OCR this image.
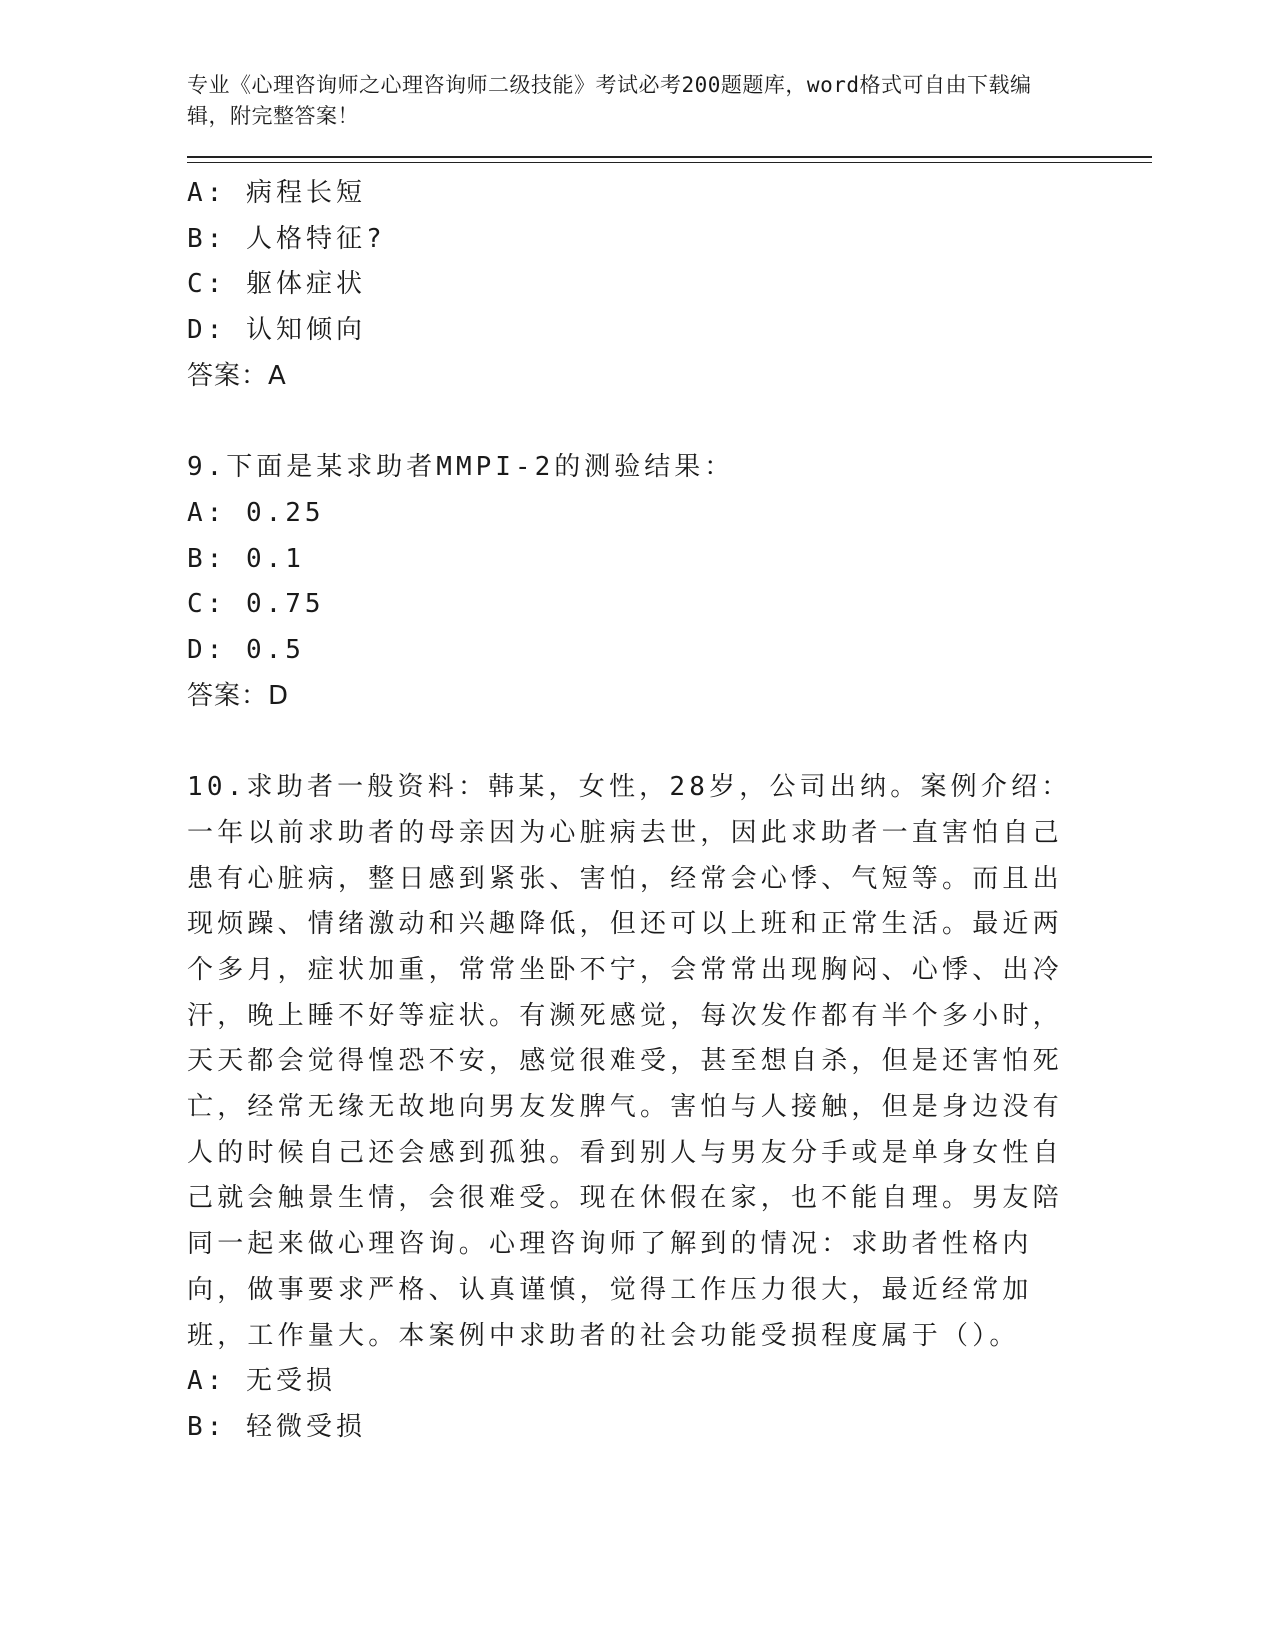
专业《心理咨询师之心理咨询师二级技能》考试必考200题题库，word格式可自由下载编辑，附完整答案！
A: 病程长短
B: 人格特征?
C: 躯体症状
D: 认知倾向
答案：A
9.下面是某求助者MMPI-2的测验结果：
A: 0.25
B: 0.1
C: 0.75
D: 0.5
答案：D
10.求助者一般资料：韩某，女性，28岁，公司出纳。案例介绍：一年以前求助者的母亲因为心脏病去世，因此求助者一直害怕自己患有心脏病，整日感到紧张、害怕，经常会心悸、气短等。而且出现烦躁、情绪激动和兴趣降低，但还可以上班和正常生活。最近两个多月，症状加重，常常坐卧不宁，会常常出现胸闷、心悸、出冷汗，晚上睡不好等症状。有濒死感觉，每次发作都有半个多小时，天天都会觉得惶恐不安，感觉很难受，甚至想自杀，但是还害怕死亡，经常无缘无故地向男友发脾气。害怕与人接触，但是身边没有人的时候自己还会感到孤独。看到别人与男友分手或是单身女性自己就会触景生情，会很难受。现在休假在家，也不能自理。男友陪同一起来做心理咨询。心理咨询师了解到的情况：求助者性格内向，做事要求严格、认真谨慎，觉得工作压力很大，最近经常加班，工作量大。本案例中求助者的社会功能受损程度属于（）。
A: 无受损
B: 轻微受损
